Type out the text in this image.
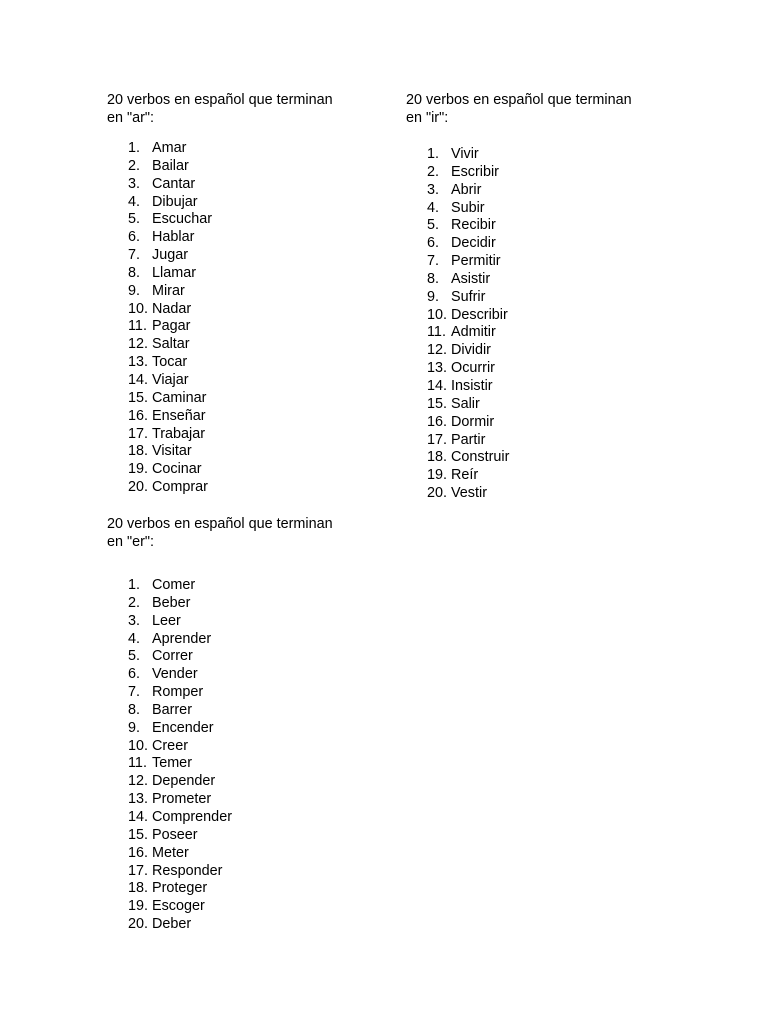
20 verbos en español que terminan
en "ar":

1. Amar
2. Bailar
3. Cantar
4. Dibujar
5. Escuchar
6. Hablar
7. Jugar
8. Llamar
9. Mirar
10. Nadar
11. Pagar
12. Saltar
13. Tocar
14. Viajar
15. Caminar
16. Enseñar
17. Trabajar
18. Visitar
19. Cocinar
20. Comprar

20 verbos en español que terminan
en "er":

1. Comer
2. Beber
3. Leer
4. Aprender
5. Correr
6. Vender
7. Romper
8. Barrer
9. Encender
10. Creer
11. Temer
12. Depender
13. Prometer
14. Comprender
15. Poseer
16. Meter
17. Responder
18. Proteger
19. Escoger
20. Deber

20 verbos en español que terminan
en "ir":

1. Vivir
2. Escribir
3. Abrir
4. Subir
5. Recibir
6. Decidir
7. Permitir
8. Asistir
9. Sufrir
10. Describir
11. Admitir
12. Dividir
13. Ocurrir
14. Insistir
15. Salir
16. Dormir
17. Partir
18. Construir
19. Reír
20. Vestir
